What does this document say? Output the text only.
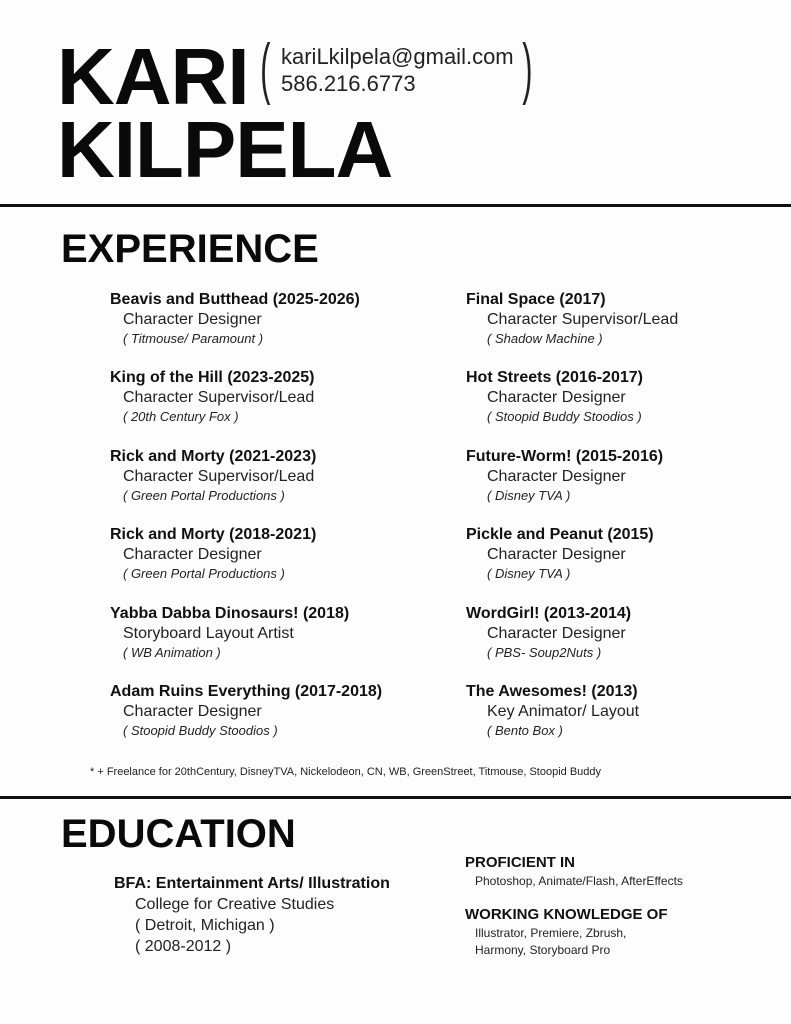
KARI
KILPELA
( kariLkilpela@gmail.com
586.216.6773 )
EXPERIENCE
Beavis and Butthead (2025-2026)
Character Designer
( Titmouse/ Paramount )
King of the Hill (2023-2025)
Character Supervisor/Lead
( 20th Century Fox )
Rick and Morty (2021-2023)
Character Supervisor/Lead
( Green Portal Productions )
Rick and Morty (2018-2021)
Character Designer
( Green Portal Productions )
Yabba Dabba Dinosaurs! (2018)
Storyboard Layout Artist
( WB Animation )
Adam Ruins Everything (2017-2018)
Character Designer
( Stoopid Buddy Stoodios )
Final Space (2017)
Character Supervisor/Lead
( Shadow Machine )
Hot Streets (2016-2017)
Character Designer
( Stoopid Buddy Stoodios )
Future-Worm! (2015-2016)
Character Designer
( Disney TVA )
Pickle and Peanut (2015)
Character Designer
( Disney TVA )
WordGirl! (2013-2014)
Character Designer
( PBS- Soup2Nuts )
The Awesomes! (2013)
Key Animator/ Layout
( Bento Box )
* + Freelance for 20thCentury, DisneyTVA, Nickelodeon, CN, WB, GreenStreet, Titmouse, Stoopid Buddy
EDUCATION
BFA: Entertainment Arts/ Illustration
College for Creative Studies
( Detroit, Michigan )
( 2008-2012 )
PROFICIENT IN
Photoshop, Animate/Flash, AfterEffects
WORKING KNOWLEDGE OF
Illustrator, Premiere, Zbrush, Harmony, Storyboard Pro
